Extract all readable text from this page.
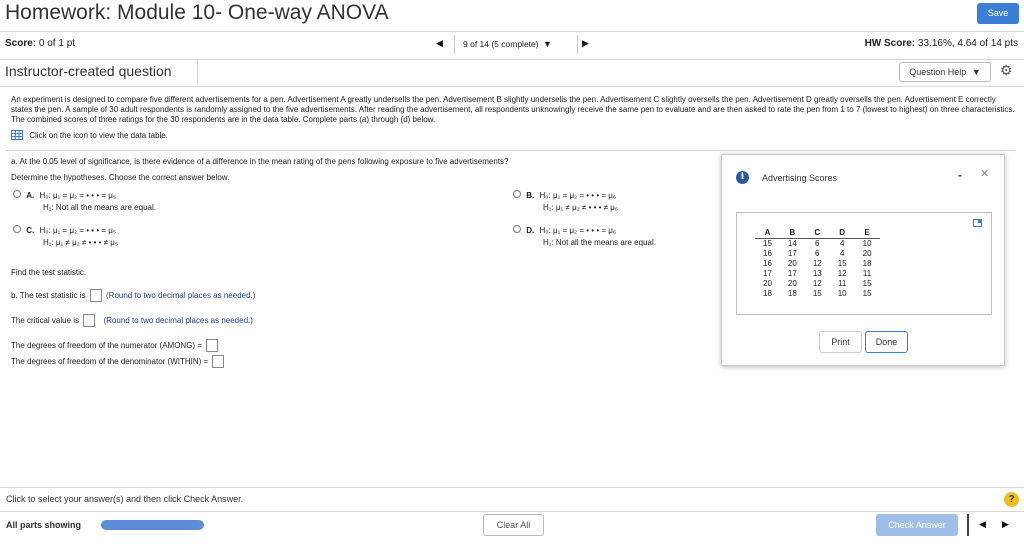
Homework: Module 10- One-way ANOVA	Save
Score: 0 of 1 pt	◀	9 of 14 (5 complete) ▼	▶	HW Score: 33.16%, 4.64 of 14 pts
Instructor-created question	Question Help ▼	⚙
An experiment is designed to compare five different advertisements for a pen. Advertisement A greatly undersells the pen. Advertisement B slightly undersells the pen. Advertisement C slightly oversells the pen. Advertisement D greatly oversells the pen. Advertisement E correctly states the pen. A sample of 30 adult respondents is randomly assigned to the five advertisements. After reading the advertisement, all respondents unknowingly receive the same pen to evaluate and are then asked to rate the pen from 1 to 7 (lowest to highest) on three characteristics. The combined scores of three ratings for the 30 respondents are in the data table. Complete parts (a) through (d) below.
Click on the icon to view the data table.
a. At the 0.05 level of significance, is there evidence of a difference in the mean rating of the pens following exposure to five advertisements?
Determine the hypotheses. Choose the correct answer below.
A. H₀: μ₁ = μ₂ = • • • = μ₅
H₁: Not all the means are equal.
B. H₀: μ₁ = μ₂ = • • • = μ₆
H₁: μ₁ ≠ μ₂ ≠ • • • ≠ μ₆
C. H₀: μ₁ = μ₂ = • • • = μ₅
H₁: μ₁ ≠ μ₂ ≠ • • • ≠ μ₅
D. H₀: μ₁ = μ₂ = • • • = μ₆
H₁: Not all the means are equal.
Find the test statistic.
b. The test statistic is	(Round to two decimal places as needed.)
The critical value is	(Round to two decimal places as needed.)
The degrees of freedom of the numerator (AMONG) =
The degrees of freedom of the denominator (WITHIN) =
i	Advertising Scores	- ✕
A	B	C	D	E
15	14	6	4	10
16	17	6	4	20
16	20	12	15	18
17	17	13	12	11
20	20	12	11	15
18	18	15	10	15
Print	Done
Click to select your answer(s) and then click Check Answer.	?
All parts showing	Clear All	Check Answer	◀ ▶
